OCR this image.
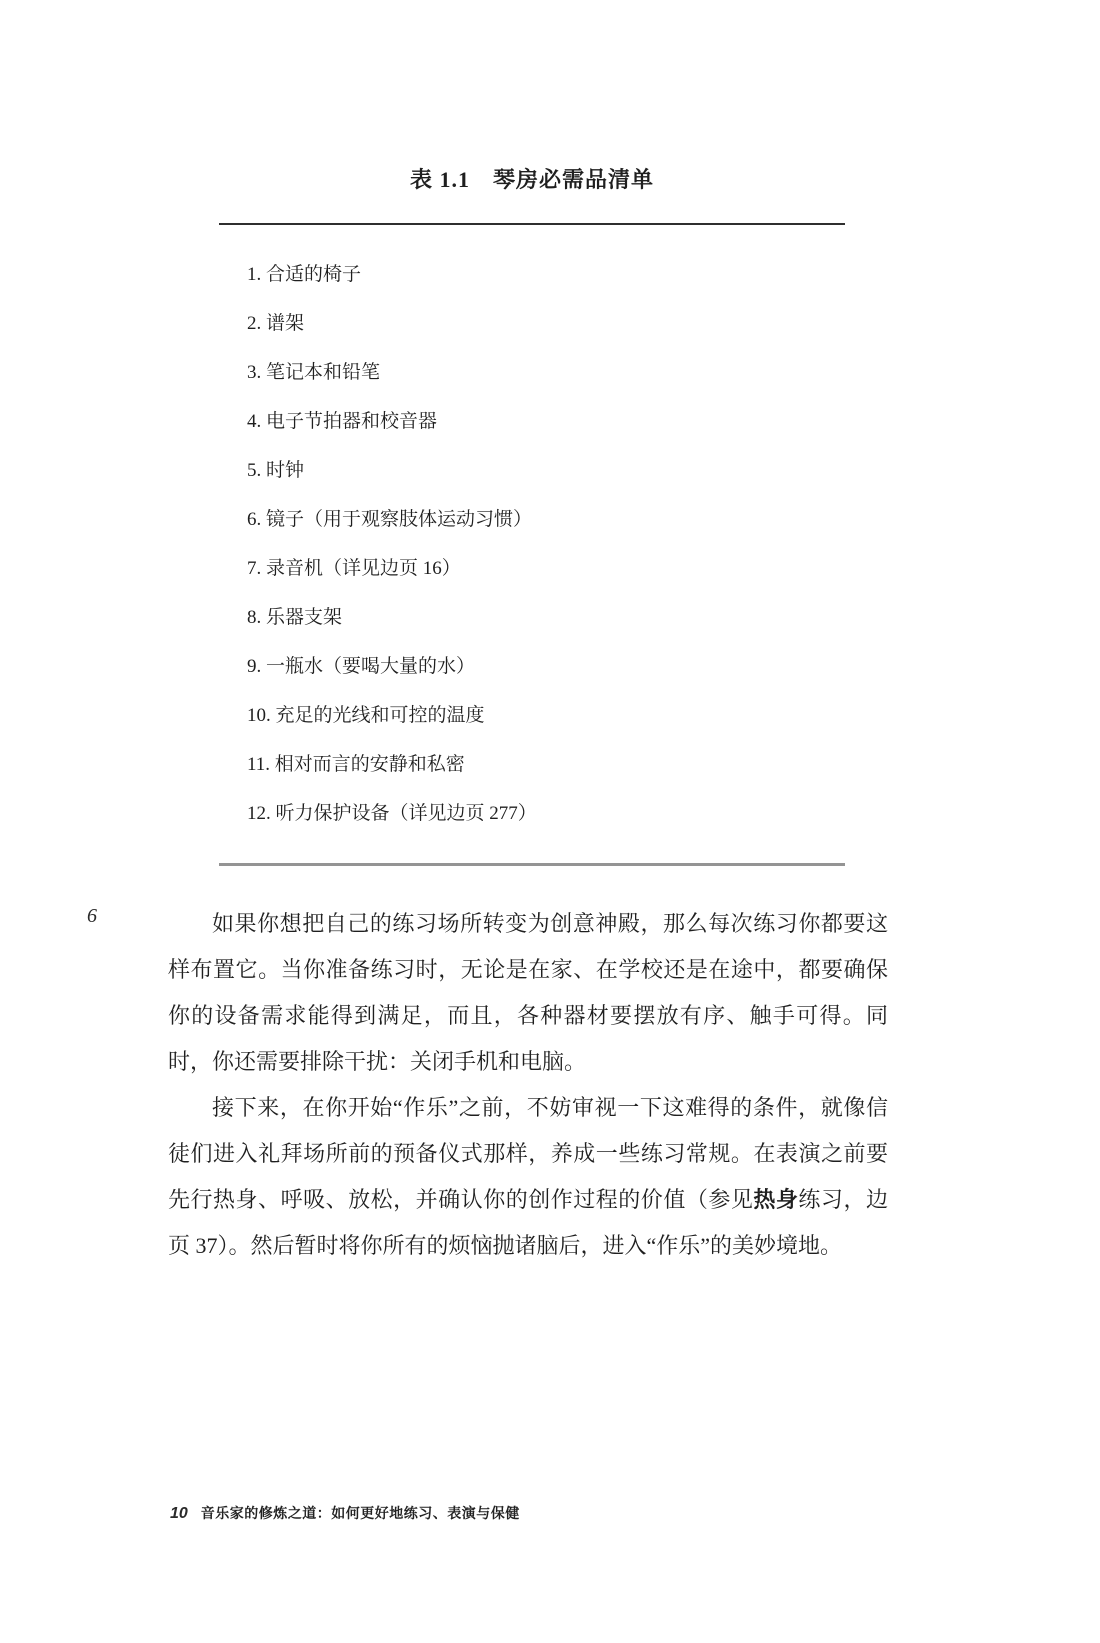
表 1.1　琴房必需品清单
1. 合适的椅子
2. 谱架
3. 笔记本和铅笔
4. 电子节拍器和校音器
5. 时钟
6. 镜子（用于观察肢体运动习惯）
7. 录音机（详见边页 16）
8. 乐器支架
9. 一瓶水（要喝大量的水）
10. 充足的光线和可控的温度
11. 相对而言的安静和私密
12. 听力保护设备（详见边页 277）
6	如果你想把自己的练习场所转变为创意神殿，那么每次练习你都要这样布置它。当你准备练习时，无论是在家、在学校还是在途中，都要确保你的设备需求能得到满足，而且，各种器材要摆放有序、触手可得。同时，你还需要排除干扰：关闭手机和电脑。

接下来，在你开始“作乐”之前，不妨审视一下这难得的条件，就像信徒们进入礼拜场所前的预备仪式那样，养成一些练习常规。在表演之前要先行热身、呼吸、放松，并确认你的创作过程的价值（参见热身练习，边页 37）。然后暂时将你所有的烦恼抛诸脑后，进入“作乐”的美妙境地。

10 音乐家的修炼之道：如何更好地练习、表演与保健
